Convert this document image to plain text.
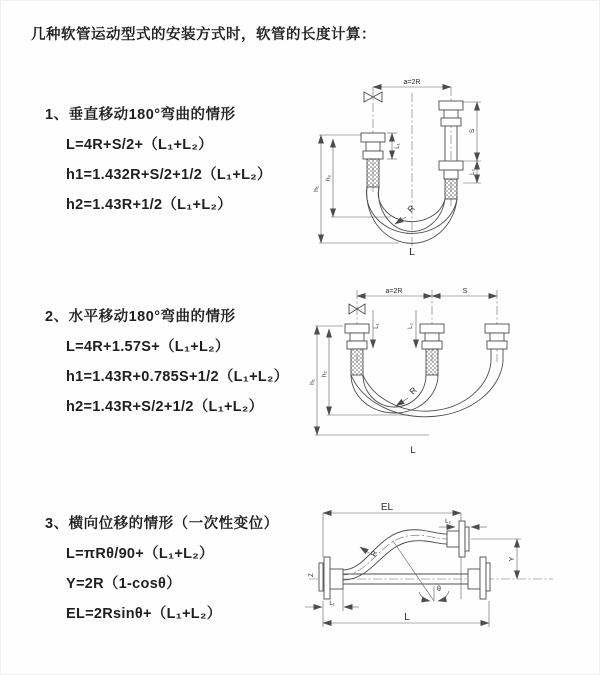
几种软管运动型式的安装方式时，软管的长度计算：
1、垂直移动180°弯曲的情形
L=4R+S/2+（L₁+L₂）
h1=1.432R+S/2+1/2（L₁+L₂）
h2=1.43R+1/2（L₁+L₂）
2、水平移动180°弯曲的情形
L=4R+1.57S+（L₁+L₂）
h1=1.43R+0.785S+1/2（L₁+L₂）
h2=1.43R+S/2+1/2（L₁+L₂）
3、横向位移的情形（一次性变位）
L=πRθ/90+（L₁+L₂）
Y=2R（1-cosθ）
EL=2Rsinθ+（L₁+L₂）
a=2R
h₁
h₂
L₁
S
L₂
R
L
a=2R	S
h₁
h₂
L₁	L₂
R
L
EL
L₂
θ
R
Y
L
L₁
Z
